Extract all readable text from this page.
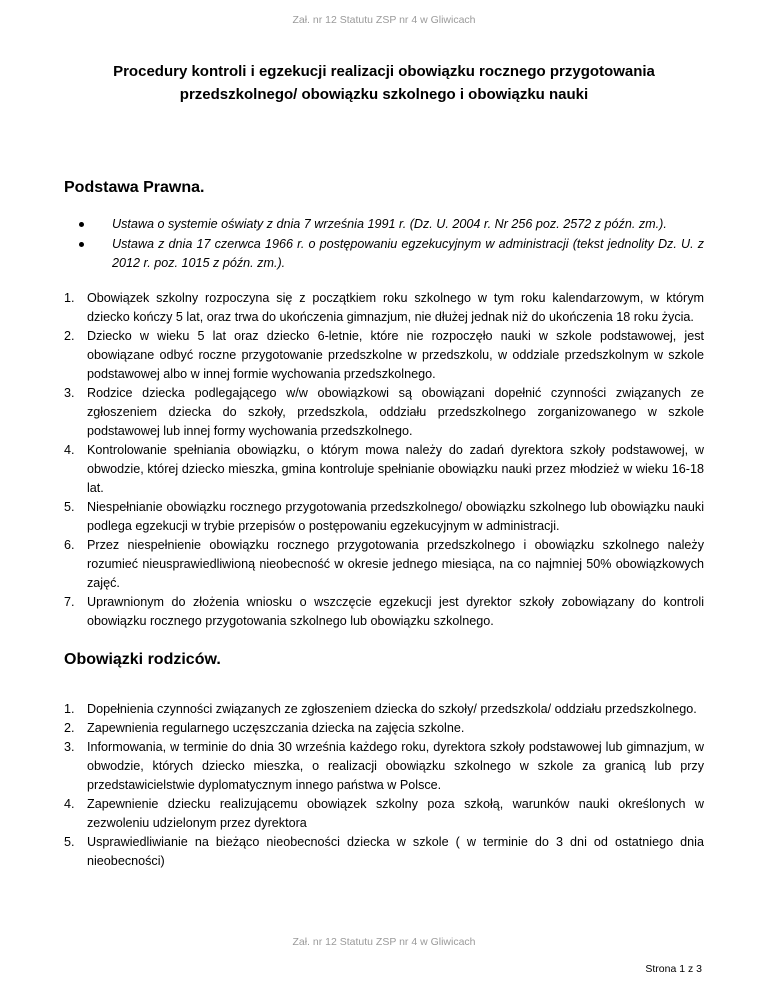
Zał. nr 12 Statutu ZSP nr 4 w Gliwicach
Procedury kontroli i egzekucji realizacji obowiązku rocznego przygotowania
przedszkolnego/ obowiązku szkolnego i obowiązku nauki
Podstawa Prawna.
Ustawa o systemie oświaty z dnia 7 września 1991 r. (Dz. U. 2004 r. Nr 256 poz. 2572 z późn. zm.).
Ustawa z dnia 17 czerwca 1966 r. o postępowaniu egzekucyjnym w administracji (tekst jednolity Dz. U. z 2012 r. poz. 1015 z późn. zm.).
1. Obowiązek szkolny rozpoczyna się z początkiem roku szkolnego w tym roku kalendarzowym, w którym dziecko kończy 5 lat, oraz trwa do ukończenia gimnazjum, nie dłużej jednak niż do ukończenia 18 roku życia.
2. Dziecko w wieku 5 lat oraz dziecko 6-letnie, które nie rozpoczęło nauki w szkole podstawowej, jest obowiązane odbyć roczne przygotowanie przedszkolne w przedszkolu, w oddziale przedszkolnym w szkole podstawowej albo w innej formie wychowania przedszkolnego.
3. Rodzice dziecka podlegającego w/w obowiązkowi są obowiązani dopełnić czynności związanych ze zgłoszeniem dziecka do szkoły, przedszkola, oddziału przedszkolnego zorganizowanego w szkole podstawowej lub innej formy wychowania przedszkolnego.
4. Kontrolowanie spełniania obowiązku, o którym mowa należy do zadań dyrektora szkoły podstawowej, w obwodzie, której dziecko mieszka, gmina kontroluje spełnianie obowiązku nauki przez młodzież w wieku 16-18 lat.
5. Niespełnianie obowiązku rocznego przygotowania przedszkolnego/ obowiązku szkolnego lub obowiązku nauki podlega egzekucji w trybie przepisów o postępowaniu egzekucyjnym w administracji.
6. Przez niespełnienie obowiązku rocznego przygotowania przedszkolnego i obowiązku szkolnego należy rozumieć nieusprawiedliwioną nieobecność w okresie jednego miesiąca, na co najmniej 50% obowiązkowych zajęć.
7. Uprawnionym do złożenia wniosku o wszczęcie egzekucji jest dyrektor szkoły zobowiązany do kontroli obowiązku rocznego przygotowania szkolnego lub obowiązku szkolnego.
Obowiązki rodziców.
1. Dopełnienia czynności związanych ze zgłoszeniem dziecka do szkoły/ przedszkola/ oddziału przedszkolnego.
2. Zapewnienia regularnego uczęszczania dziecka na zajęcia szkolne.
3. Informowania, w terminie do dnia 30 września każdego roku, dyrektora szkoły podstawowej lub gimnazjum, w obwodzie, których dziecko mieszka, o realizacji obowiązku szkolnego w szkole za granicą lub przy przedstawicielstwie dyplomatycznym innego państwa w Polsce.
4. Zapewnienie dziecku realizującemu obowiązek szkolny poza szkołą, warunków nauki określonych w zezwoleniu udzielonym przez dyrektora
5. Usprawiedliwianie na bieżąco nieobecności dziecka w szkole ( w terminie do 3 dni od ostatniego dnia nieobecności)
Zał. nr 12 Statutu ZSP nr 4 w Gliwicach
Strona 1 z 3
